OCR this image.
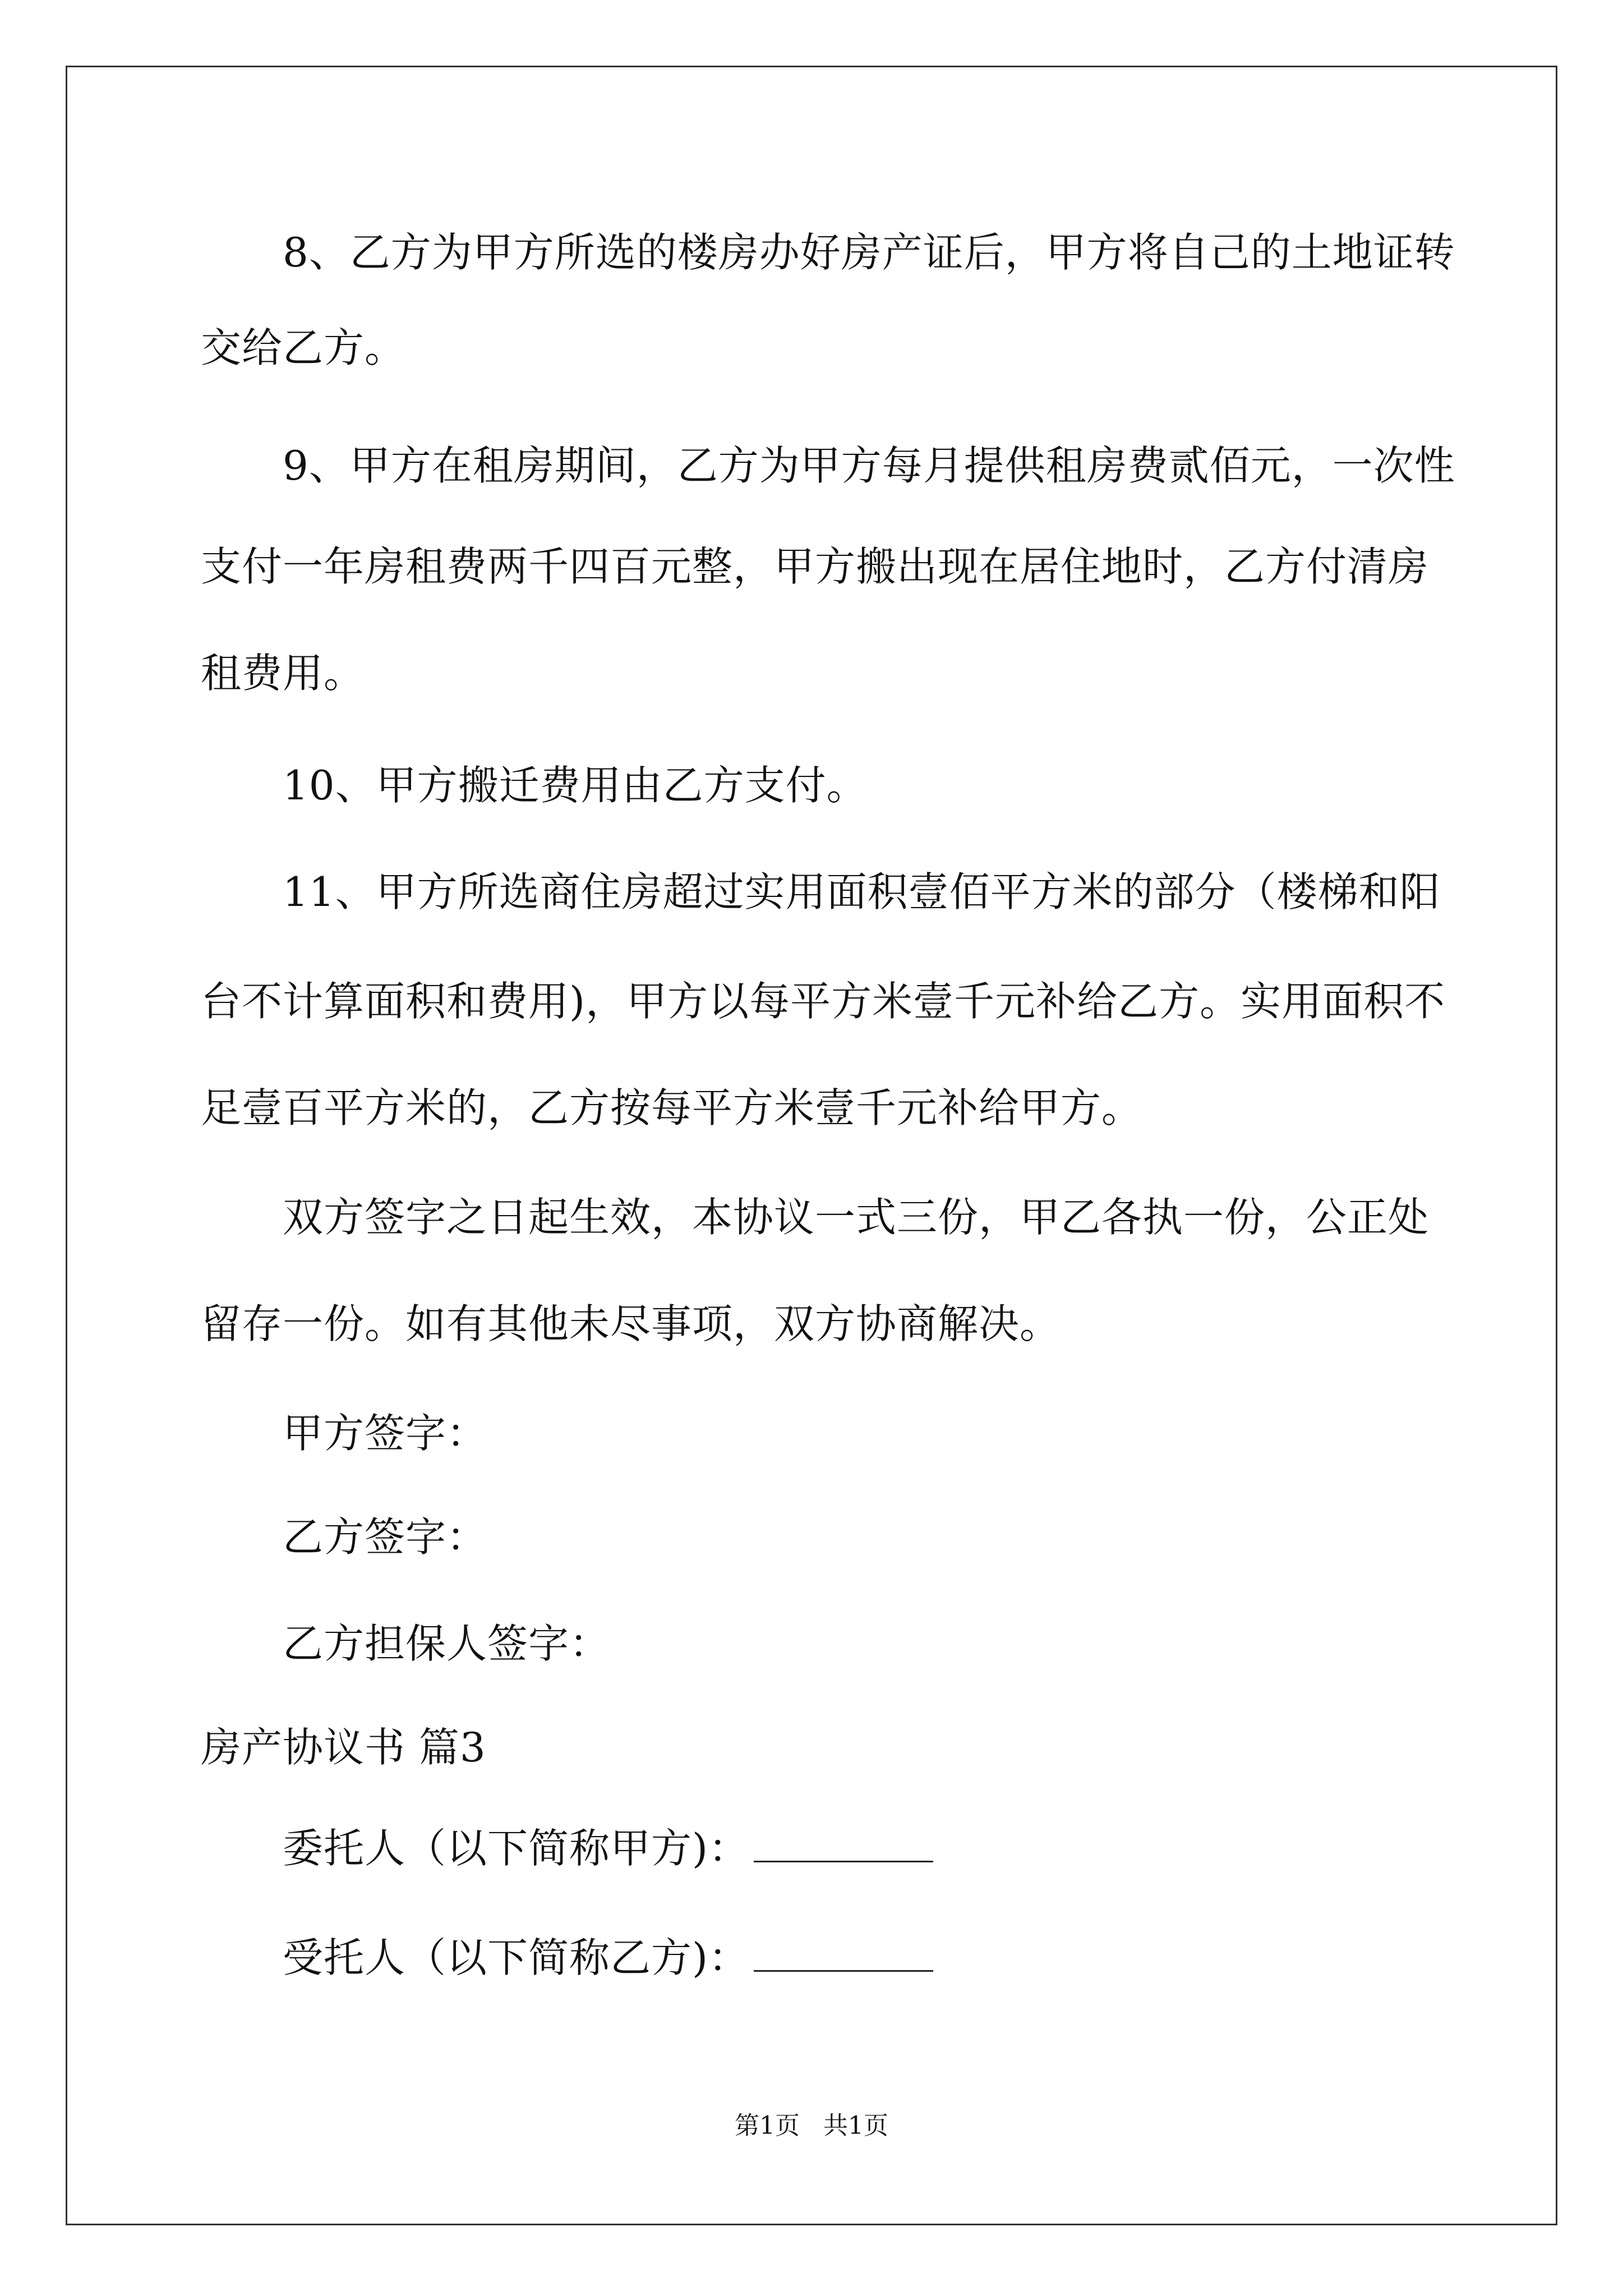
　　8、乙方为甲方所选的楼房办好房产证后，甲方将自己的土地证转
交给乙方。
　　9、甲方在租房期间，乙方为甲方每月提供租房费贰佰元，一次性
支付一年房租费两千四百元整，甲方搬出现在居住地时，乙方付清房
租费用。
　　10、甲方搬迁费用由乙方支付。
　　11、甲方所选商住房超过实用面积壹佰平方米的部分（楼梯和阳
台不计算面积和费用)，甲方以每平方米壹千元补给乙方。实用面积不
足壹百平方米的，乙方按每平方米壹千元补给甲方。
　　双方签字之日起生效，本协议一式三份，甲乙各执一份，公正处
留存一份。如有其他未尽事项，双方协商解决。
　　甲方签字：
　　乙方签字：
　　乙方担保人签字：
房产协议书 篇3
　　委托人（以下简称甲方)：
　　受托人（以下简称乙方)：
第1页   共1页
